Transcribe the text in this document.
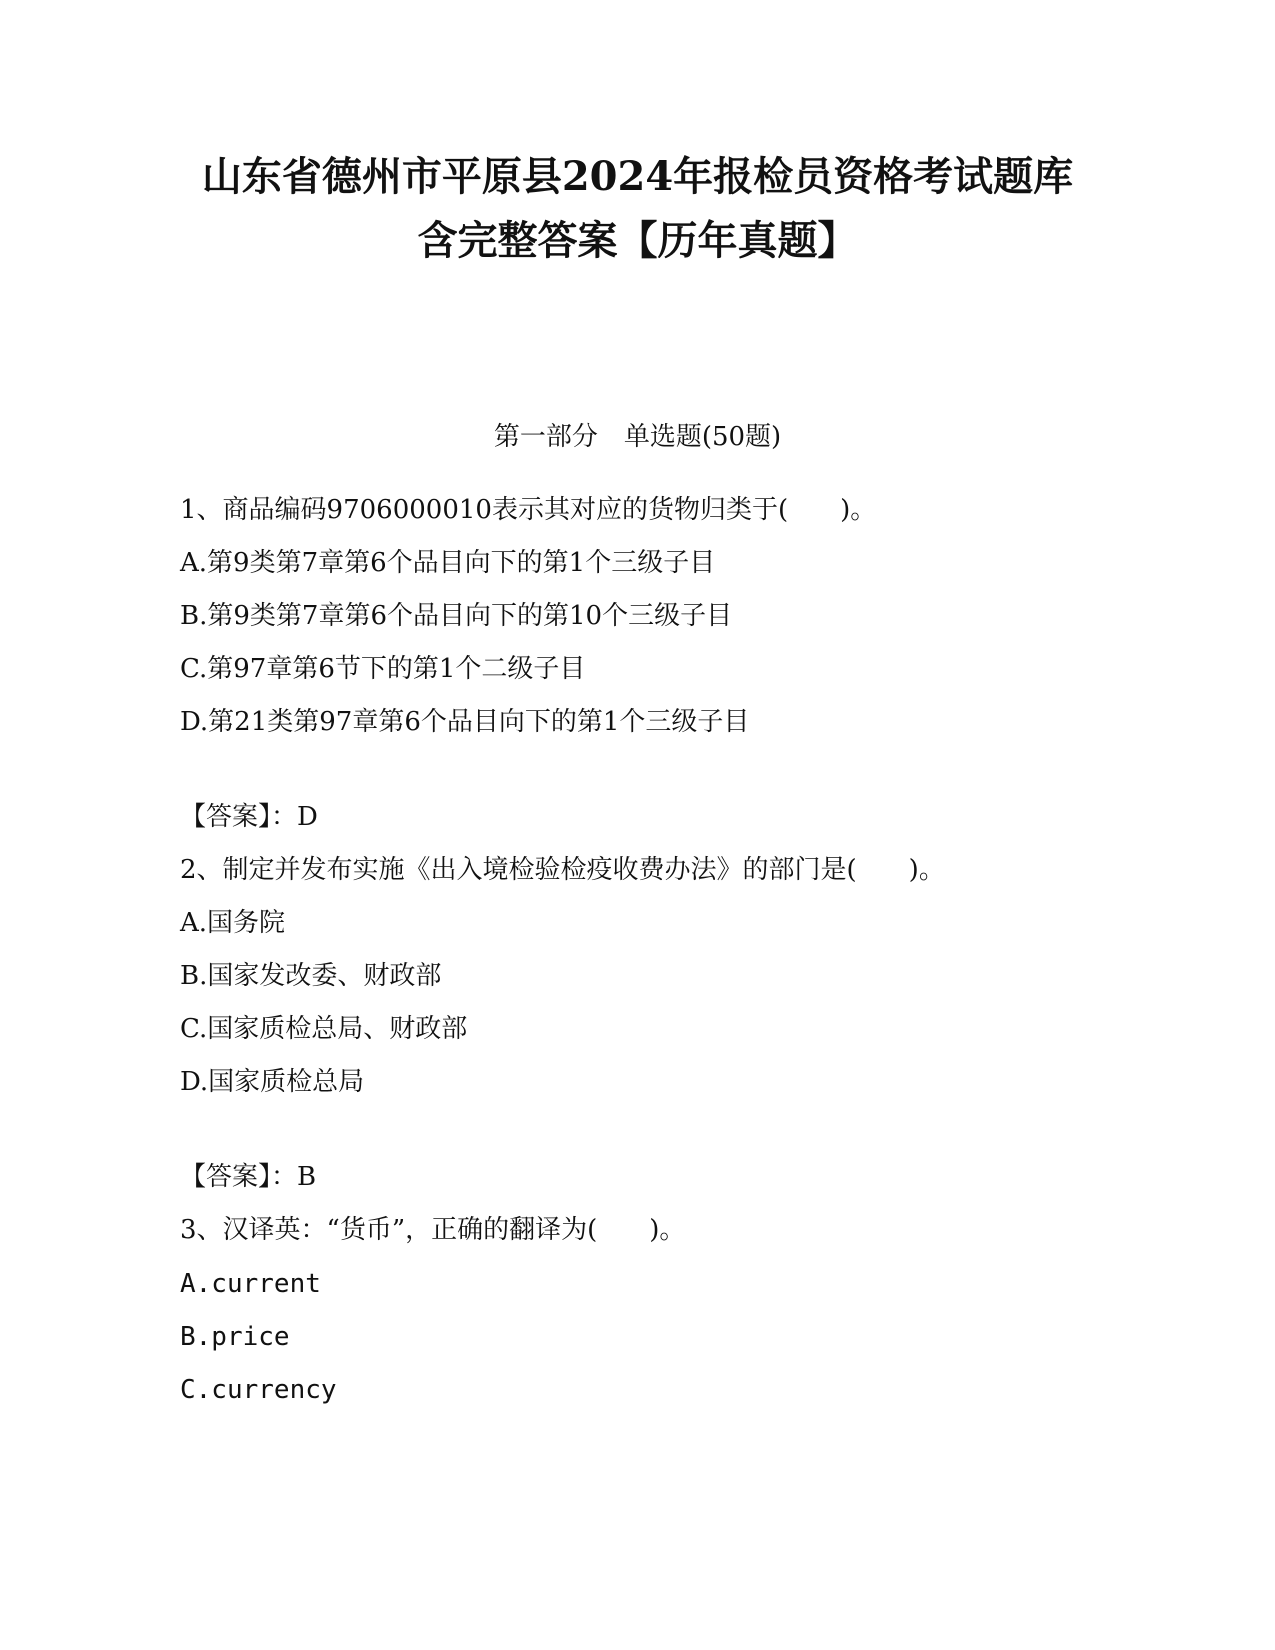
山东省德州市平原县2024年报检员资格考试题库
含完整答案【历年真题】

第一部分　单选题(50题)

1、商品编码9706000010表示其对应的货物归类于(　　)。

A.第9类第7章第6个品目向下的第1个三级子目

B.第9类第7章第6个品目向下的第10个三级子目

C.第97章第6节下的第1个二级子目

D.第21类第97章第6个品目向下的第1个三级子目

【答案】：D

2、制定并发布实施《出入境检验检疫收费办法》的部门是(　　)。

A.国务院

B.国家发改委、财政部

C.国家质检总局、财政部

D.国家质检总局

【答案】：B

3、汉译英：“货币”，正确的翻译为(　　)。

A.current

B.price

C.currency
